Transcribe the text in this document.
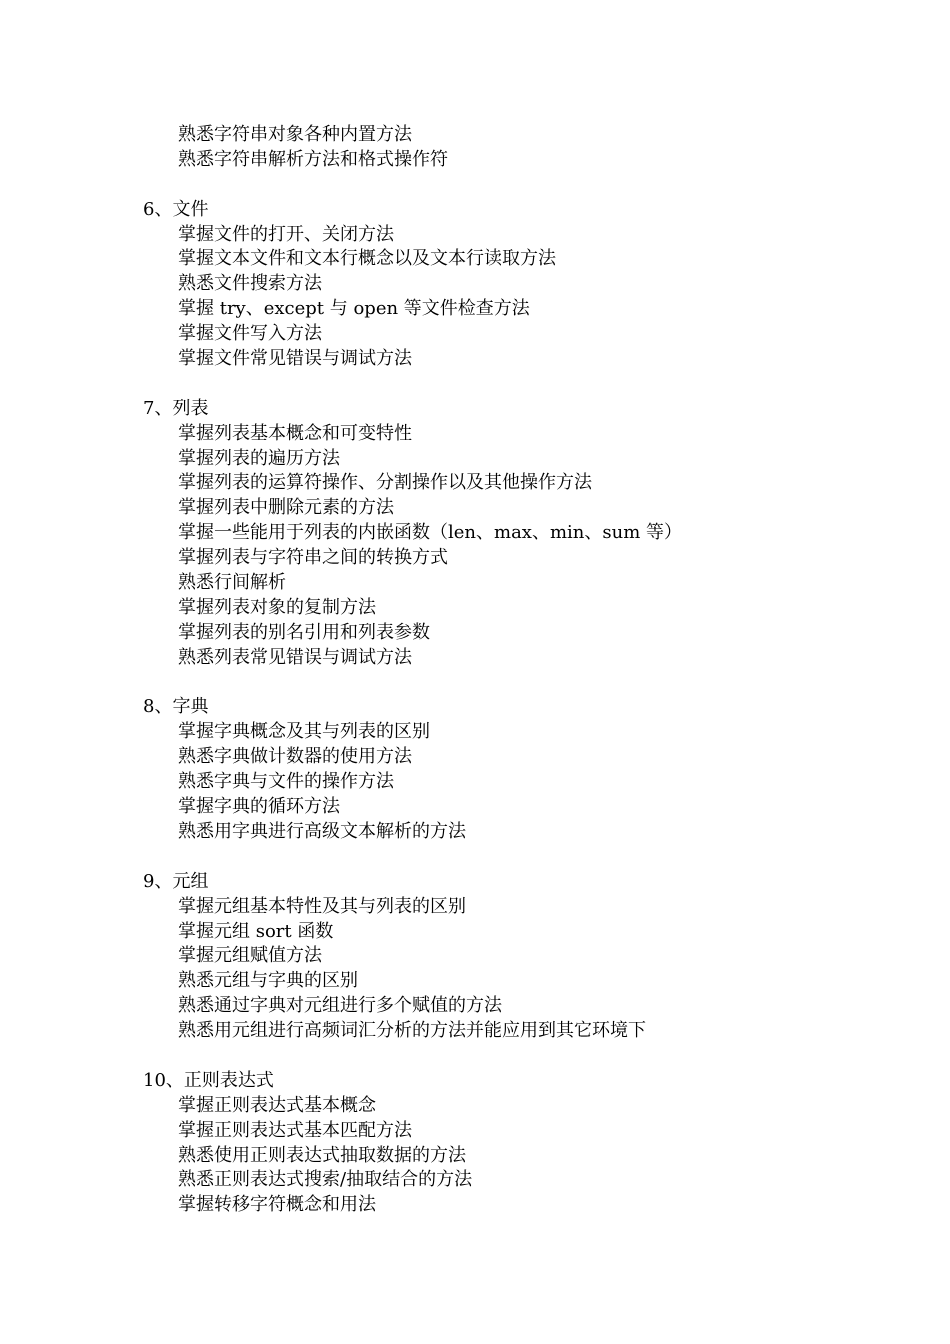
熟悉字符串对象各种内置方法
熟悉字符串解析方法和格式操作符
6、文件
掌握文件的打开、关闭方法
掌握文本文件和文本行概念以及文本行读取方法
熟悉文件搜索方法
掌握 try、except 与 open 等文件检查方法
掌握文件写入方法
掌握文件常见错误与调试方法
7、列表
掌握列表基本概念和可变特性
掌握列表的遍历方法
掌握列表的运算符操作、分割操作以及其他操作方法
掌握列表中删除元素的方法
掌握一些能用于列表的内嵌函数（len、max、min、sum 等）
掌握列表与字符串之间的转换方式
熟悉行间解析
掌握列表对象的复制方法
掌握列表的别名引用和列表参数
熟悉列表常见错误与调试方法
8、字典
掌握字典概念及其与列表的区别
熟悉字典做计数器的使用方法
熟悉字典与文件的操作方法
掌握字典的循环方法
熟悉用字典进行高级文本解析的方法
9、元组
掌握元组基本特性及其与列表的区别
掌握元组 sort 函数
掌握元组赋值方法
熟悉元组与字典的区别
熟悉通过字典对元组进行多个赋值的方法
熟悉用元组进行高频词汇分析的方法并能应用到其它环境下
10、正则表达式
掌握正则表达式基本概念
掌握正则表达式基本匹配方法
熟悉使用正则表达式抽取数据的方法
熟悉正则表达式搜索/抽取结合的方法
掌握转移字符概念和用法
